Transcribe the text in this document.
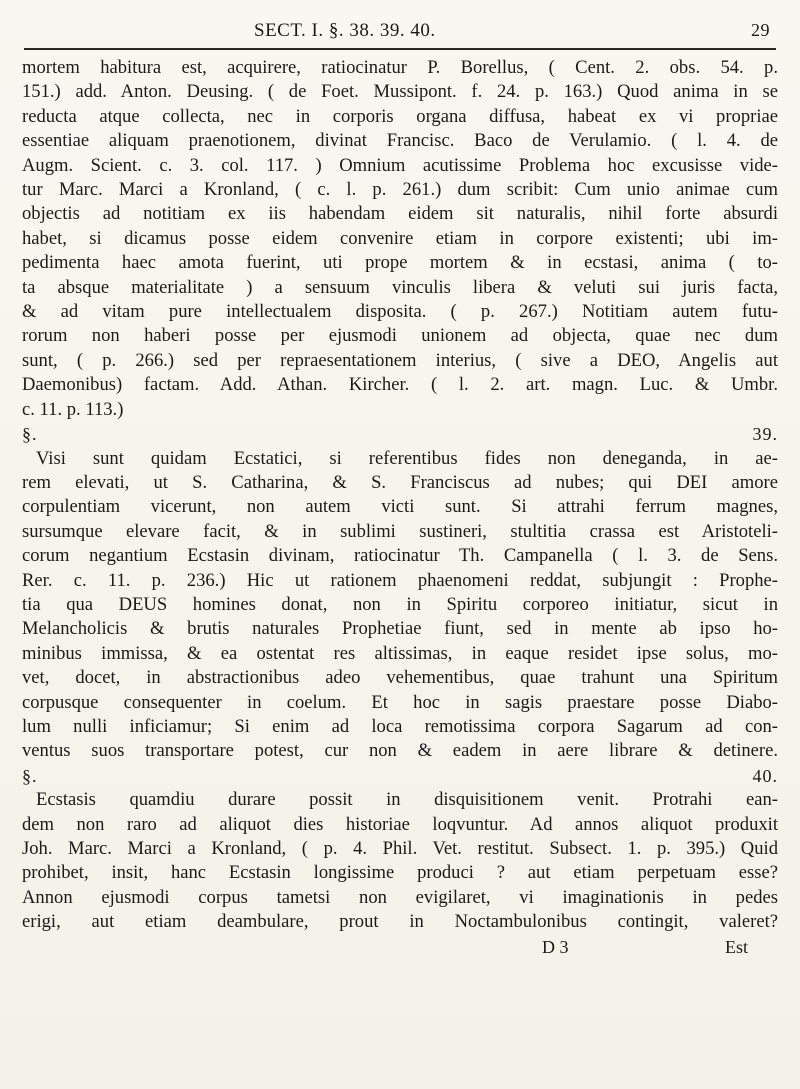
SECT. I. §. 38. 39. 40.	29
mortem habitura est, acquirere, ratiocinatur P. Borellus, ( Cent. 2. obs. 54. p.
151.) add. Anton. Deusing. ( de Foet. Mussipont. f. 24. p. 163.) Quod anima in se
reducta atque collecta, nec in corporis organa diffusa, habeat ex vi propriae
essentiae aliquam praenotionem, divinat Francisc. Baco de Verulamio. ( l. 4. de
Augm. Scient. c. 3. col. 117. ) Omnium acutissime Problema hoc excusisse vide-
tur Marc. Marci a Kronland, ( c. l. p. 261.) dum scribit: Cum unio animae cum
objectis ad notitiam ex iis habendam eidem sit naturalis, nihil forte absurdi
habet, si dicamus posse eidem convenire etiam in corpore existenti; ubi im-
pedimenta haec amota fuerint, uti prope mortem & in ecstasi, anima ( to-
ta absque materialitate ) a sensuum vinculis libera & veluti sui juris facta,
& ad vitam pure intellectualem disposita. ( p. 267.) Notitiam autem futu-
rorum non haberi posse per ejusmodi unionem ad objecta, quae nec dum
sunt, ( p. 266.) sed per repraesentationem interius, ( sive a DEO, Angelis aut
Daemonibus) factam. Add. Athan. Kircher. ( l. 2. art. magn. Luc. & Umbr.
c. 11. p. 113.)
§. 39.
Visi sunt quidam Ecstatici, si referentibus fides non deneganda, in ae-
rem elevati, ut S. Catharina, & S. Franciscus ad nubes; qui DEI amore
corpulentiam vicerunt, non autem victi sunt. Si attrahi ferrum magnes,
sursumque elevare facit, & in sublimi sustineri, stultitia crassa est Aristoteli-
corum negantium Ecstasin divinam, ratiocinatur Th. Campanella ( l. 3. de Sens.
Rer. c. 11. p. 236.) Hic ut rationem phaenomeni reddat, subjungit : Prophe-
tia qua DEUS homines donat, non in Spiritu corporeo initiatur, sicut in
Melancholicis & brutis naturales Prophetiae fiunt, sed in mente ab ipso ho-
minibus immissa, & ea ostentat res altissimas, in eaque residet ipse solus, mo-
vet, docet, in abstractionibus adeo vehementibus, quae trahunt una Spiritum
corpusque consequenter in coelum. Et hoc in sagis praestare posse Diabo-
lum nulli inficiamur; Si enim ad loca remotissima corpora Sagarum ad con-
ventus suos transportare potest, cur non & eadem in aere librare & detinere.
§. 40.
Ecstasis quamdiu durare possit in disquisitionem venit. Protrahi ean-
dem non raro ad aliquot dies historiae loqvuntur. Ad annos aliquot produxit
Joh. Marc. Marci a Kronland, ( p. 4. Phil. Vet. restitut. Subsect. 1. p. 395.) Quid
prohibet, insit, hanc Ecstasin longissime produci ? aut etiam perpetuam esse?
Annon ejusmodi corpus tametsi non evigilaret, vi imaginationis in pedes
erigi, aut etiam deambulare, prout in Noctambulonibus contingit, valeret?
D 3	Est
